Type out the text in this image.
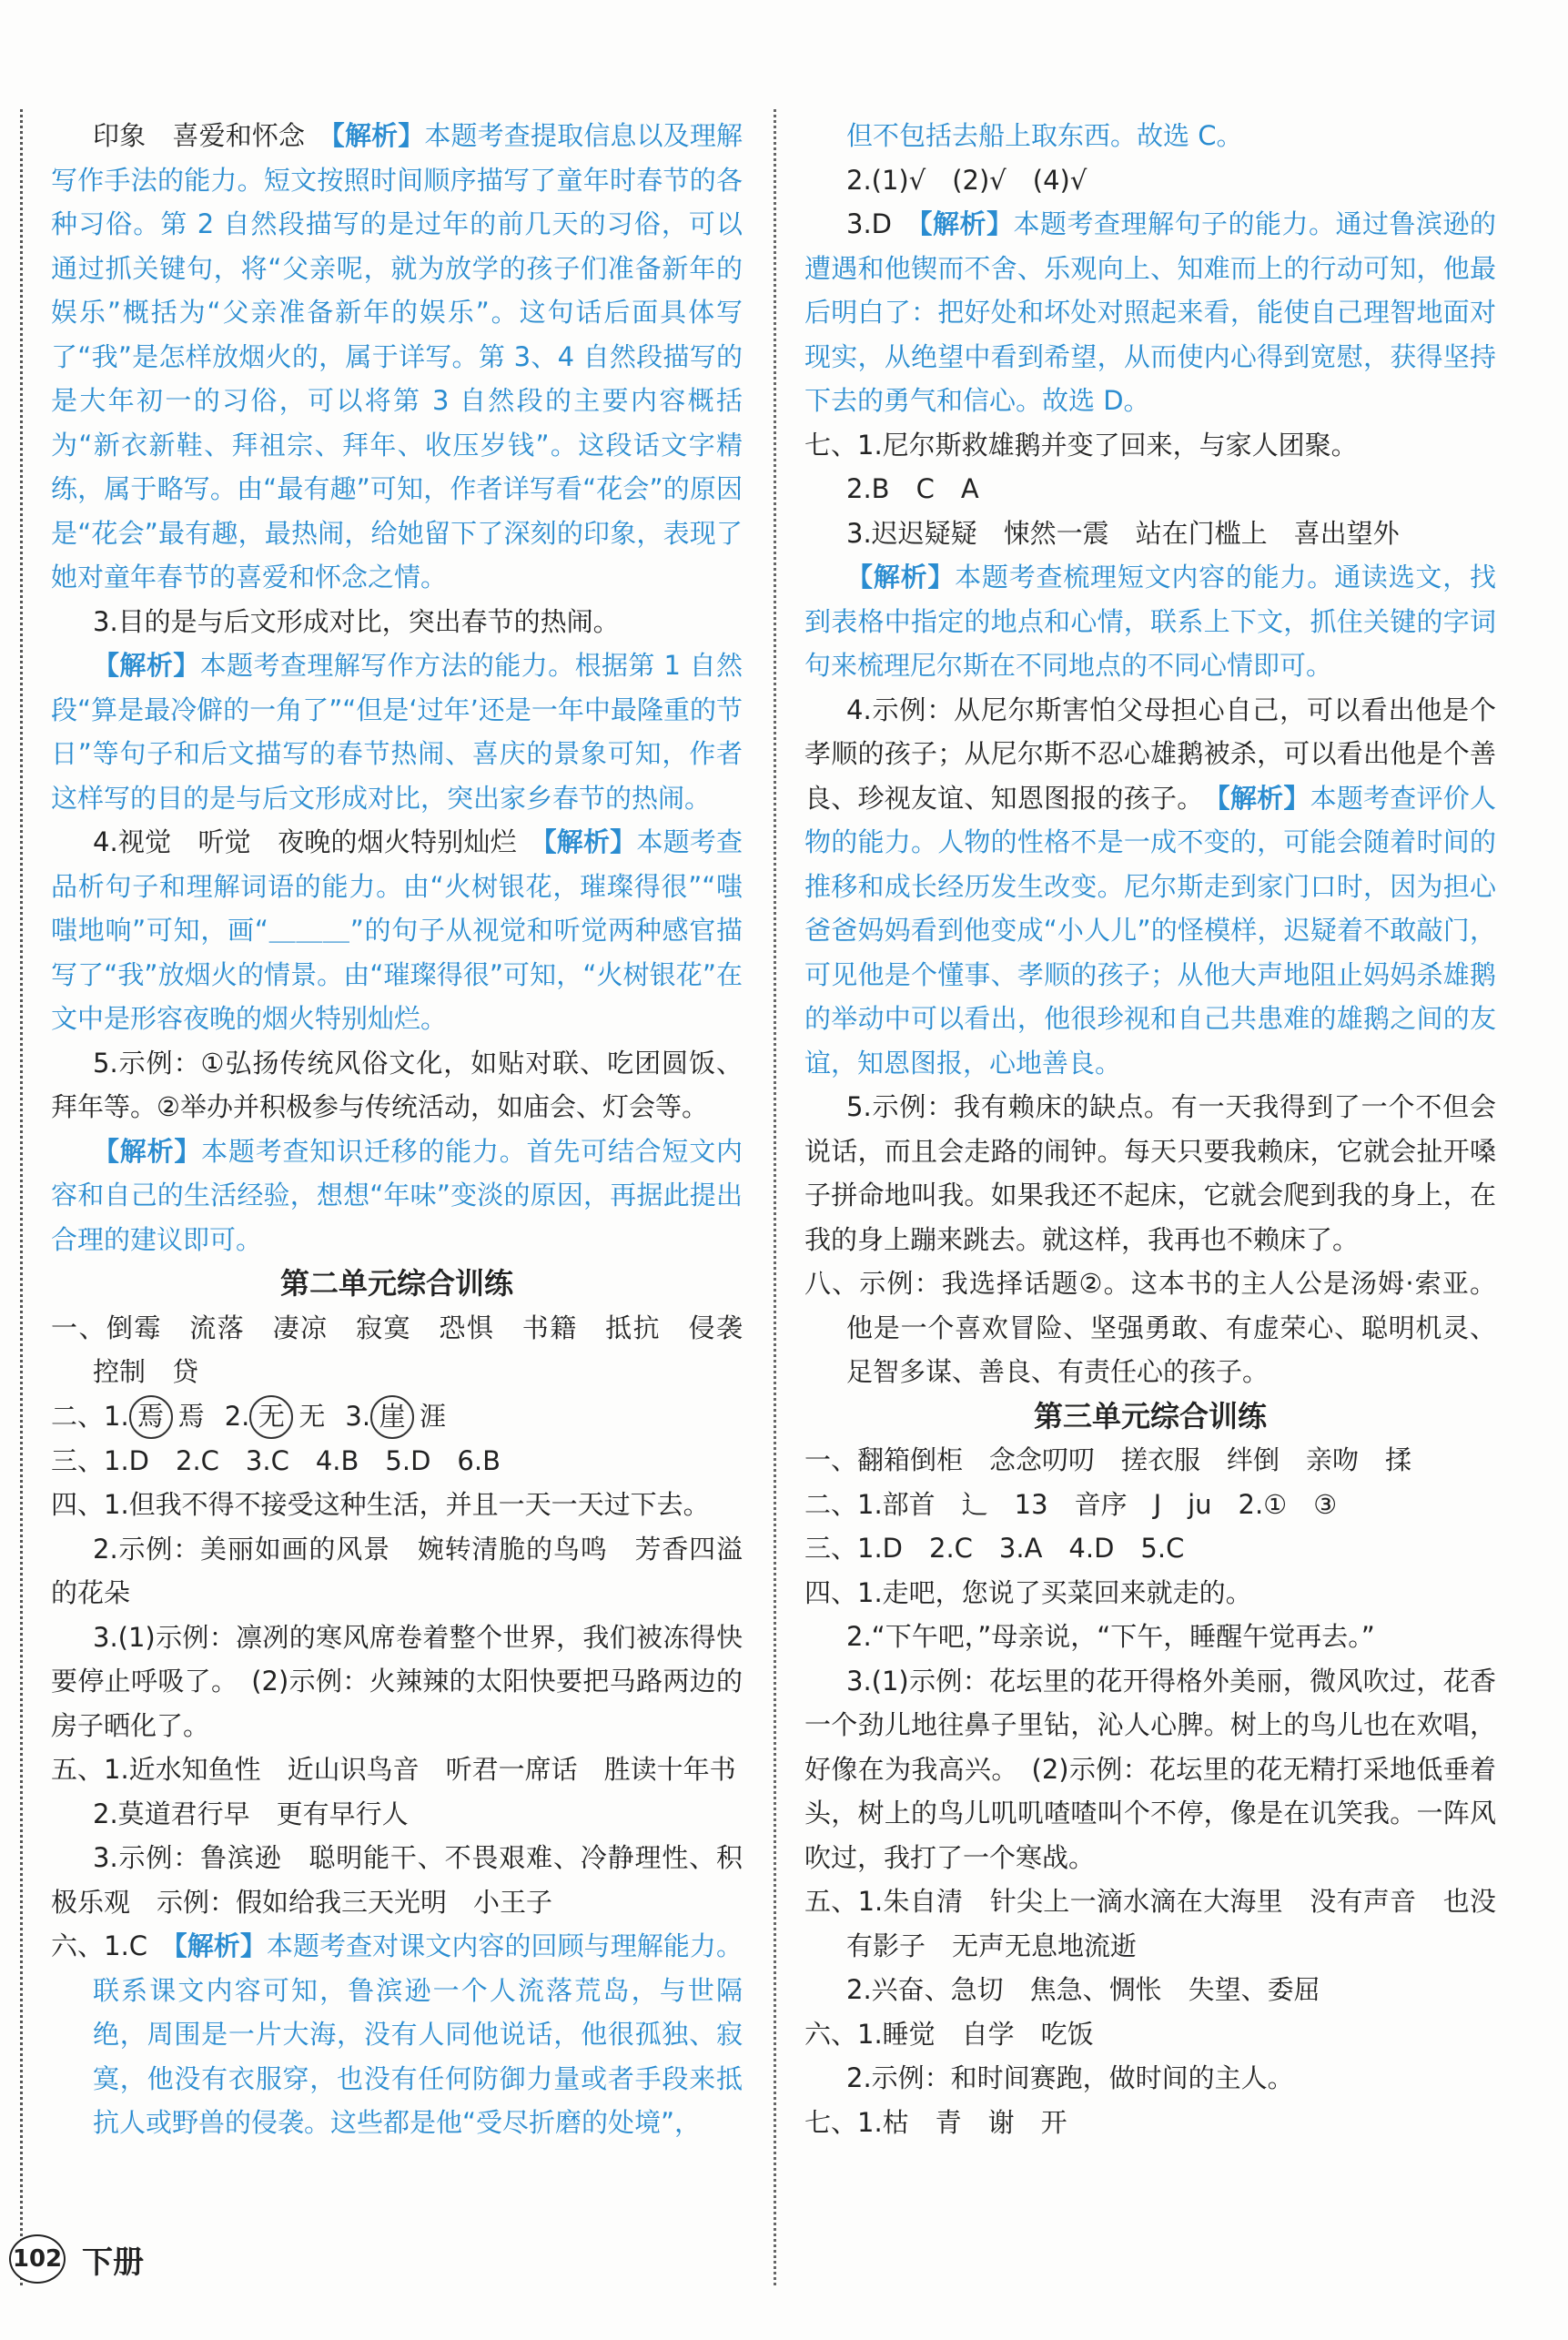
印象　喜爱和怀念　【解析】本题考查提取信息以及理解写作手法的能力。短文按照时间顺序描写了童年时春节的各种习俗。第 2 自然段描写的是过年的前几天的习俗，可以通过抓关键句，将“父亲呢，就为放学的孩子们准备新年的娱乐”概括为“父亲准备新年的娱乐”。这句话后面具体写了“我”是怎样放烟火的，属于详写。第 3、4 自然段描写的是大年初一的习俗，可以将第 3 自然段的主要内容概括为“新衣新鞋、拜祖宗、拜年、收压岁钱”。这段话文字精练，属于略写。由“最有趣”可知，作者详写看“花会”的原因是“花会”最有趣，最热闹，给她留下了深刻的印象，表现了她对童年春节的喜爱和怀念之情。

3.目的是与后文形成对比，突出春节的热闹。

【解析】本题考查理解写作方法的能力。根据第 1 自然段“算是最冷僻的一角了”“但是‘过年’还是一年中最隆重的节日”等句子和后文描写的春节热闹、喜庆的景象可知，作者这样写的目的是与后文形成对比，突出家乡春节的热闹。

4.视觉　听觉　夜晚的烟火特别灿烂　【解析】本题考查品析句子和理解词语的能力。由“火树银花，璀璨得很”“嗤嗤地响”可知，画“＿＿＿”的句子从视觉和听觉两种感官描写了“我”放烟火的情景。由“璀璨得很”可知，“火树银花”在文中是形容夜晚的烟火特别灿烂。

5.示例：①弘扬传统风俗文化，如贴对联、吃团圆饭、拜年等。②举办并积极参与传统活动，如庙会、灯会等。

【解析】本题考查知识迁移的能力。首先可结合短文内容和自己的生活经验，想想“年味”变淡的原因，再据此提出合理的建议即可。

第二单元综合训练

一、倒霉　流落　凄凉　寂寞　恐惧　书籍　抵抗　侵袭　控制　贷

二、1. 焉 焉 2. 无 无 3. 崖 涯

三、1.D　2.C　3.C　4.B　5.D　6.B

四、1.但我不得不接受这种生活，并且一天一天过下去。

2.示例：美丽如画的风景　婉转清脆的鸟鸣　芳香四溢的花朵

3.(1)示例：凛冽的寒风席卷着整个世界，我们被冻得快要停止呼吸了。　(2)示例：火辣辣的太阳快要把马路两边的房子晒化了。

五、1.近水知鱼性　近山识鸟音　听君一席话　胜读十年书

2.莫道君行早　更有早行人

3.示例：鲁滨逊　聪明能干、不畏艰难、冷静理性、积极乐观　示例：假如给我三天光明　小王子

六、1.C　【解析】本题考查对课文内容的回顾与理解能力。联系课文内容可知，鲁滨逊一个人流落荒岛，与世隔绝，周围是一片大海，没有人同他说话，他很孤独、寂寞，他没有衣服穿，也没有任何防御力量或者手段来抵抗人或野兽的侵袭。这些都是他“受尽折磨的处境”，

但不包括去船上取东西。故选 C。

2.(1)√　(2)√　(4)√

3.D　【解析】本题考查理解句子的能力。通过鲁滨逊的遭遇和他锲而不舍、乐观向上、知难而上的行动可知，他最后明白了：把好处和坏处对照起来看，能使自己理智地面对现实，从绝望中看到希望，从而使内心得到宽慰，获得坚持下去的勇气和信心。故选 D。

七、1.尼尔斯救雄鹅并变了回来，与家人团聚。

2.B　C　A

3.迟迟疑疑　悚然一震　站在门槛上　喜出望外

【解析】本题考查梳理短文内容的能力。通读选文，找到表格中指定的地点和心情，联系上下文，抓住关键的字词句来梳理尼尔斯在不同地点的不同心情即可。

4.示例：从尼尔斯害怕父母担心自己，可以看出他是个孝顺的孩子；从尼尔斯不忍心雄鹅被杀，可以看出他是个善良、珍视友谊、知恩图报的孩子。　【解析】本题考查评价人物的能力。人物的性格不是一成不变的，可能会随着时间的推移和成长经历发生改变。尼尔斯走到家门口时，因为担心爸爸妈妈看到他变成“小人儿”的怪模样，迟疑着不敢敲门，可见他是个懂事、孝顺的孩子；从他大声地阻止妈妈杀雄鹅的举动中可以看出，他很珍视和自己共患难的雄鹅之间的友谊，知恩图报，心地善良。

5.示例：我有赖床的缺点。有一天我得到了一个不但会说话，而且会走路的闹钟。每天只要我赖床，它就会扯开嗓子拼命地叫我。如果我还不起床，它就会爬到我的身上，在我的身上蹦来跳去。就这样，我再也不赖床了。

八、示例：我选择话题②。这本书的主人公是汤姆·索亚。他是一个喜欢冒险、坚强勇敢、有虚荣心、聪明机灵、足智多谋、善良、有责任心的孩子。

第三单元综合训练

一、翻箱倒柜　念念叨叨　搓衣服　绊倒　亲吻　揉

二、1.部首　辶　13　音序　J　ju　2.①　③

三、1.D　2.C　3.A　4.D　5.C

四、1.走吧，您说了买菜回来就走的。

2.“下午吧，”母亲说，“下午，睡醒午觉再去。”

3.(1)示例：花坛里的花开得格外美丽，微风吹过，花香一个劲儿地往鼻子里钻，沁人心脾。树上的鸟儿也在欢唱，好像在为我高兴。　(2)示例：花坛里的花无精打采地低垂着头，树上的鸟儿叽叽喳喳叫个不停，像是在讥笑我。一阵风吹过，我打了一个寒战。

五、1.朱自清　针尖上一滴水滴在大海里　没有声音　也没有影子　无声无息地流逝

2.兴奋、急切　焦急、惆怅　失望、委屈

六、1.睡觉　自学　吃饭

2.示例：和时间赛跑，做时间的主人。

七、1.枯　青　谢　开

102 下册
